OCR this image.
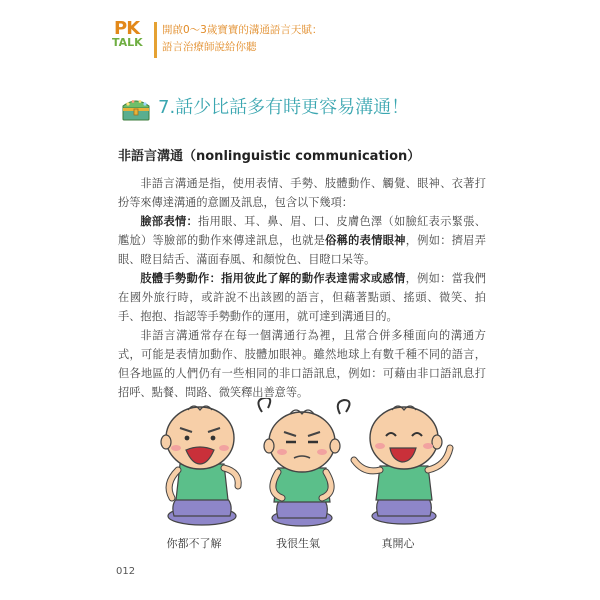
PK
TALK
開啟0～3歲寶寶的溝通語言天賦：
語言治療師說給你聽
7.話少比話多有時更容易溝通！
非語言溝通（nonlinguistic communication）

非語言溝通是指，使用表情、手勢、肢體動作、觸覺、眼神、衣著打扮等來傳達溝通的意圖及訊息，包含以下幾項：

臉部表情：指用眼、耳、鼻、眉、口、皮膚色澤（如臉紅表示緊張、尷尬）等臉部的動作來傳達訊息，也就是俗稱的表情眼神，例如：擠眉弄眼、瞪目結舌、滿面春風、和顏悅色、目瞪口呆等。

肢體手勢動作：指用彼此了解的動作表達需求或感情，例如：當我們在國外旅行時，或許說不出該國的語言，但藉著點頭、搖頭、微笑、拍手、抱抱、指認等手勢動作的運用，就可達到溝通目的。

非語言溝通常存在每一個溝通行為裡，且常合併多種面向的溝通方式，可能是表情加動作、肢體加眼神。雖然地球上有數千種不同的語言，但各地區的人們仍有一些相同的非口語訊息，例如：可藉由非口語訊息打招呼、點餐、問路、微笑釋出善意等。

你都不了解	我很生氣	真開心
012
